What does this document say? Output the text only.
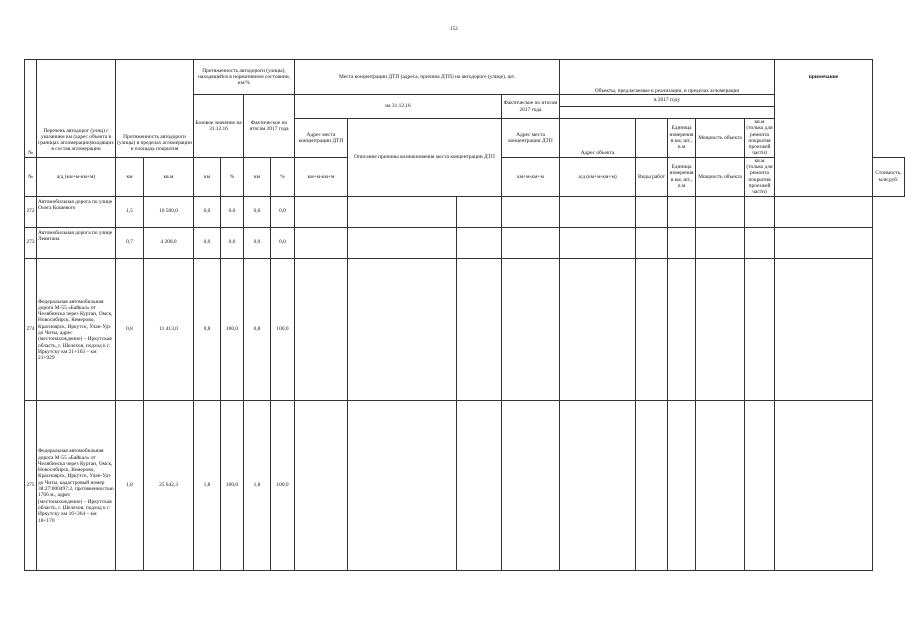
152
№	Перечень автодорог (улиц) с указанием км (адрес объекта в границах агломерации)входящих в состав агломерации	Протяженность автодороги (улицы) в пределах агломерации и площадь покрытия		Протяженность автодороги (улицы), находящейся в нормативном состоянии, км/%				Места концентрации ДТП (адреса, причина ДТП) на автодороге (улице), шт.				Объекты, предлагаемые к реализации, в пределах агломерации					примечание	
				Базовое значение на 31.12.16		Фактическое по итогам 2017 года		на 31.12.16			Фактическое по итогам 2017 года	в 2017 году						

								Адрес места концентрации ДТП	Описание причины возникновения места концентрации ДТП		Адрес места концентрации ДТП	Адрес объекта		Единица измерения в км, шт., п.м	Мощность объекта	кв.м (только для ремонта покрытия проезжей части)		
№	а/д (км+м-км+м)	км	кв.м	км	%	км	%	км+м-км+м			км+м-км+м	а/д (км+м-км+м)	Виды работ	Единица измерения в км, шт., п.м	Мощность объекта	кв.м (только для ремонта покрытия проезжей части)		Стоимость, млн.руб.
272	Автомобильная дорога по улице Олега Кошевого	1,5	10 500,0	0,0	0,0	0,0	0,0											
273	Автомобильная дорога по улице Левитана	0,7	4 200,0	0,0	0,0	0,0	0,0											
274	Федеральная автомобильная дорога М-55 «Байкал» от Челябинска через Курган, Омск, Новосибирск, Кемерово, Красноярск, Иркутск, Улан-Удэ до Читы, адрес (местонахождение) – Иркутская область, г. Шелехов, подход к г. Иркутску км 21+163 – км 21+929	0,8	11 413,0	0,8	100,0	0,8	100,0											
275	Федеральная автомобильная дорога М-55 «Байкал» от Челябинска через Курган, Омск, Новосибирск, Кемерово, Красноярск, Иркутск, Улан-Удэ до Читы, кадастровый номер 38:27:000497:2, протяженностью 1766 м., адрес (местонахождение) – Иркутская область, г. Шелехов, подход к г. Иркутску км 16+364 – км 18+170	1,8	25 642,3	1,8	100,0	1,8	100,0											
